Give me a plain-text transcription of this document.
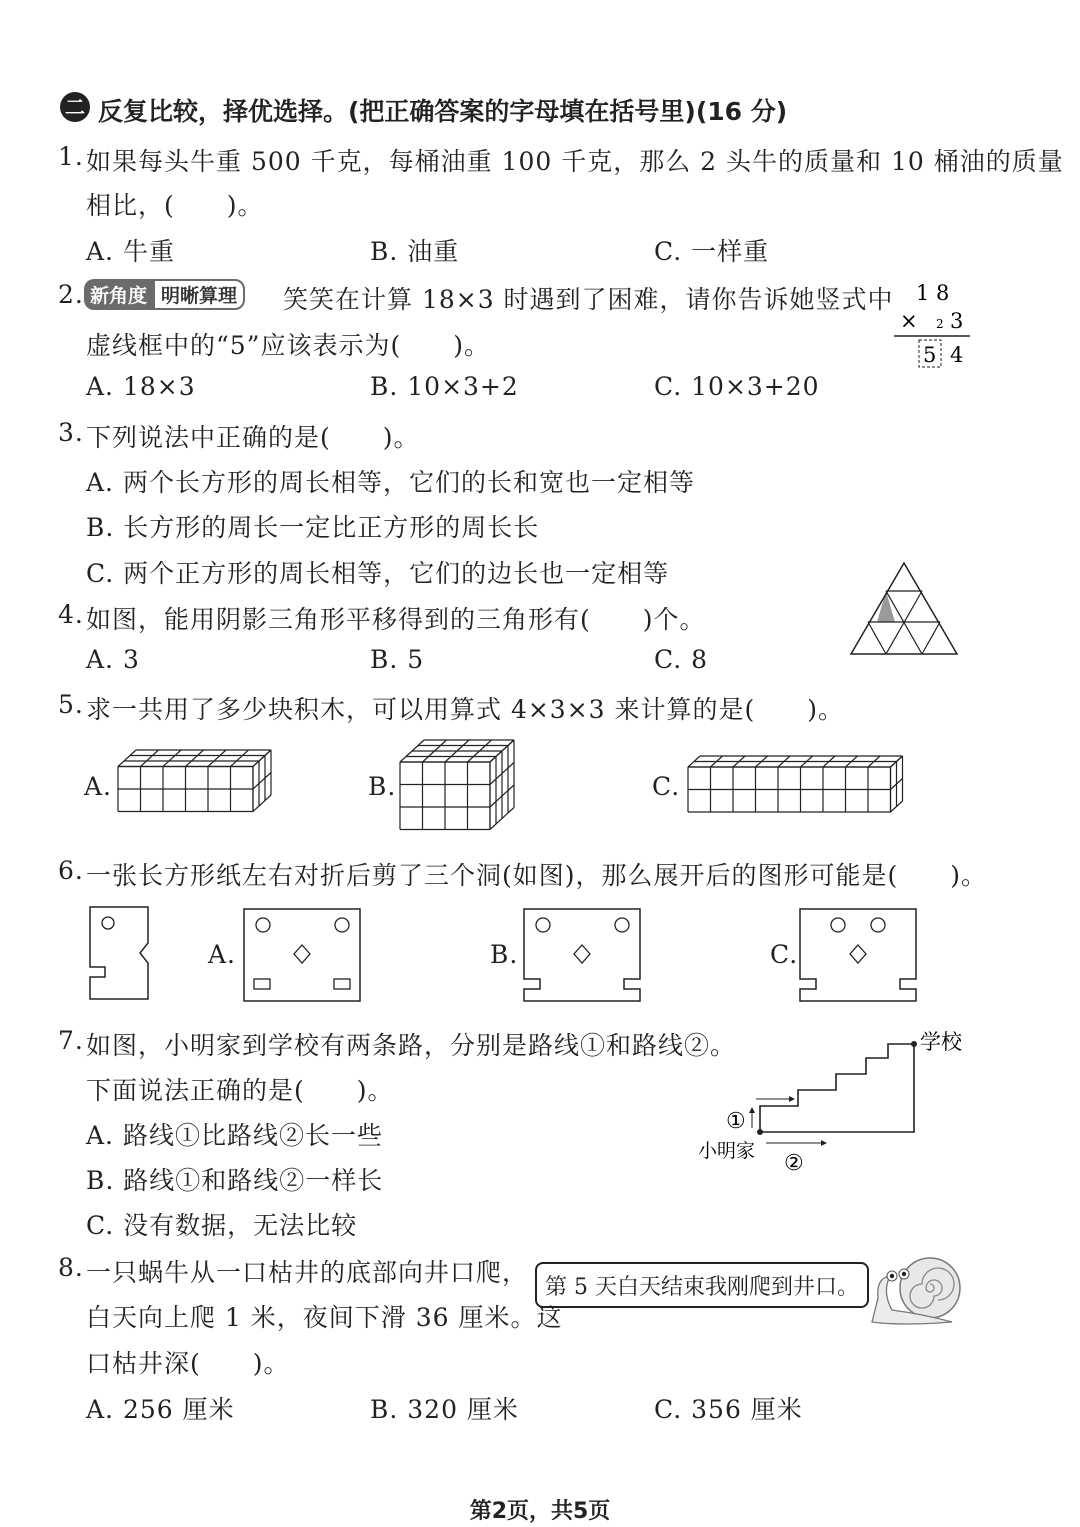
二 反复比较，择优选择。(把正确答案的字母填在括号里)(16 分)
1. 如果每头牛重 500 千克，每桶油重 100 千克，那么 2 头牛的质量和 10 桶油的质量
相比，(　　)。
A. 牛重	B. 油重	C. 一样重
2. 新角度 明晰算理	笑笑在计算 18×3 时遇到了困难，请你告诉她竖式中
虚线框中的“5”应该表示为(　　)。
A. 18×3	B. 10×3+2	C. 10×3+20
1 8
× 2 3
5 4
3. 下列说法中正确的是(　　)。
A. 两个长方形的周长相等，它们的长和宽也一定相等
B. 长方形的周长一定比正方形的周长长
C. 两个正方形的周长相等，它们的边长也一定相等
4. 如图，能用阴影三角形平移得到的三角形有(　　)个。
A. 3	B. 5	C. 8
5. 求一共用了多少块积木，可以用算式 4×3×3 来计算的是(　　)。
A.	B.	C.
6. 一张长方形纸左右对折后剪了三个洞(如图)，那么展开后的图形可能是(　　)。
A.	B.	C.
7. 如图，小明家到学校有两条路，分别是路线①和路线②。
下面说法正确的是(　　)。
A. 路线①比路线②长一些
B. 路线①和路线②一样长
C. 没有数据，无法比较
学校
小明家
①
②
8. 一只蜗牛从一口枯井的底部向井口爬，
白天向上爬 1 米，夜间下滑 36 厘米。这
口枯井深(　　)。
A. 256 厘米	B. 320 厘米	C. 356 厘米
第 5 天白天结束我刚爬到井口。
第2页，共5页
